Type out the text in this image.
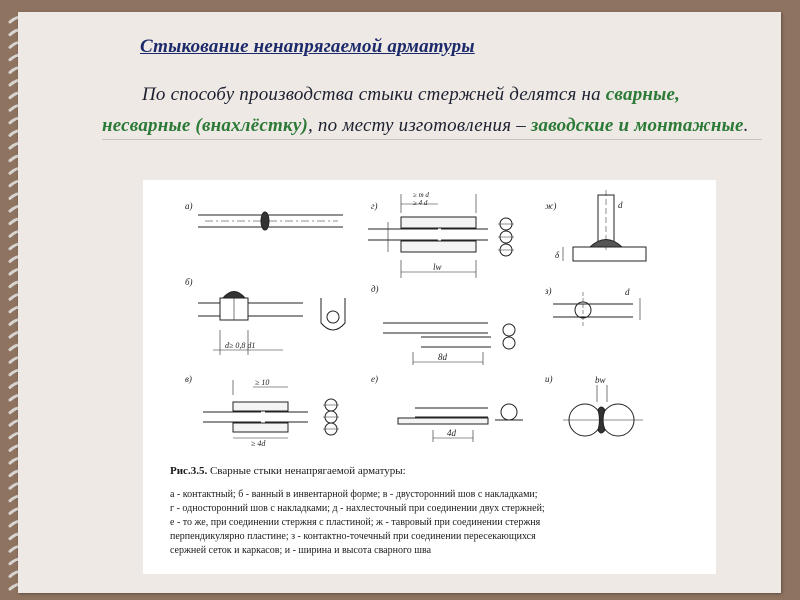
Стыкование ненапрягаемой арматуры
По способу производства стыки стержней делятся на сварные, несварные (внахлёстку), по месту изготовления – заводские и монтажные.
а)	г)	ж)
б)
д)	з)
в)	е)	и)
≥ m d
≥ 4 d
lw
δ
d
d≥ 0,8 d1
8d
d
≥ 10
≥ 4d
4d
bw
Рис.3.5. Сварные стыки ненапрягаемой арматуры:
а - контактный; б - ванный в инвентарной форме; в - двусторонний шов с накладками;
г - односторонний шов с накладками; д - нахлесточный при соединении двух стержней;
е - то же, при соединении стержня с пластиной; ж - тавровый при соединении стержня
перпендикулярно пластине; з - контактно-точечный при соединении пересекающихся
сержней сеток и каркасов; и - ширина и высота сварного шва
